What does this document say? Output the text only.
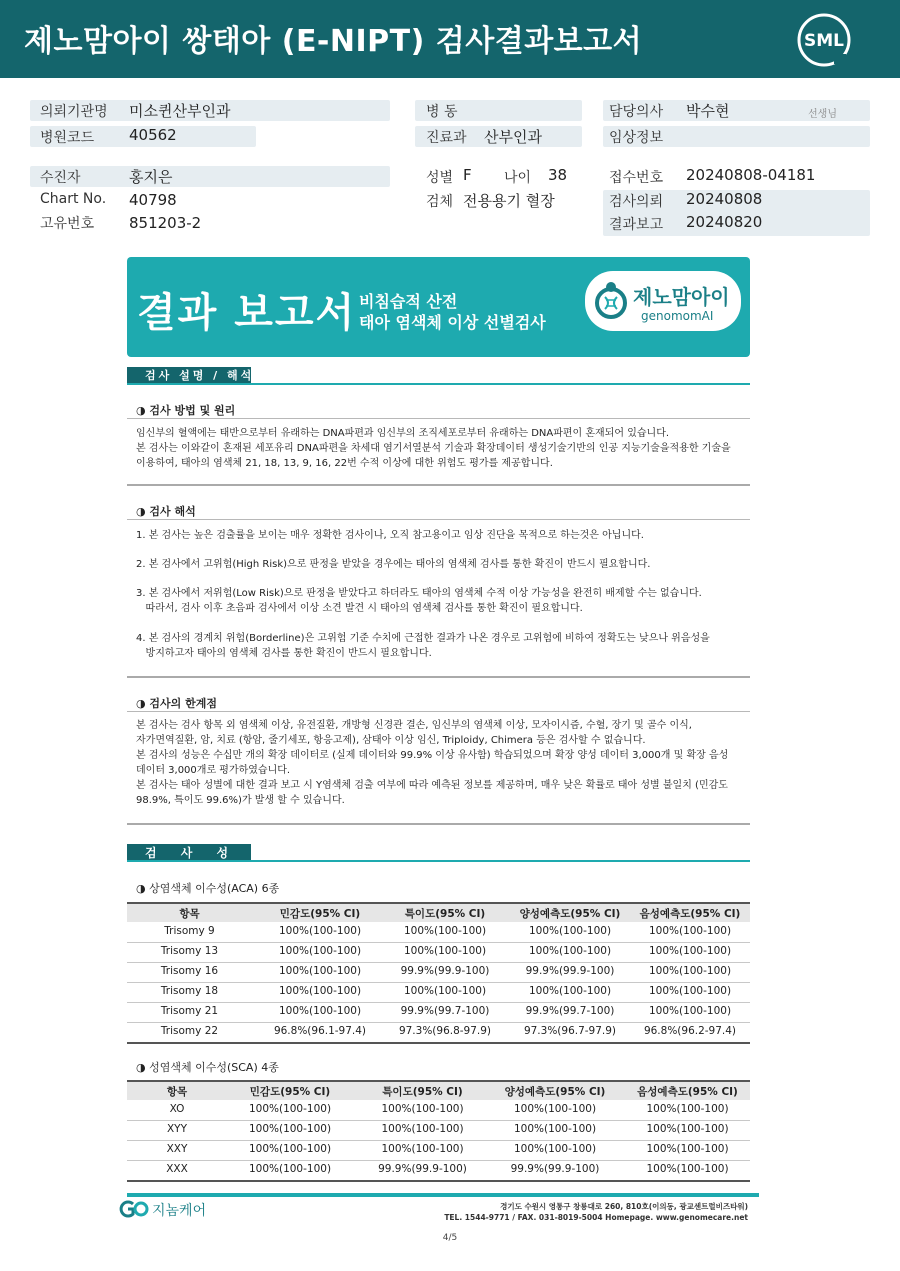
제노맘아이 쌍태아 (E-NIPT) 검사결과보고서	SML
의뢰기관명 미소퀸산부인과
병원코드 40562
수진자	홍지은
Chart No. 40798
고유번호 851203-2
병 동
진료과 산부인과
성별 F 나이 38
검체 전용용기 혈장
담당의사 박수현	선생님
임상정보
접수번호 20240808-04181
검사의뢰 20240808
결과보고 20240820
결과 보고서 비침습적 산전
태아 염색체 이상 선별검사
제노맘아이
genomomAI
검사 설명 / 해석
◑ 검사 방법 및 원리

임신부의 혈액에는 태반으로부터 유래하는 DNA파편과 임신부의 조직세포로부터 유래하는 DNA파편이 혼재되어 있습니다.

본 검사는 이와같이 혼재된 세포유리 DNA파편을 차세대 염기서열분석 기술과 확장데이터 생성기술기반의 인공 지능기술을적용한 기술을

이용하여, 태아의 염색체 21, 18, 13, 9, 16, 22번 수적 이상에 대한 위험도 평가를 제공합니다.

◑ 검사 해석

1. 본 검사는 높은 검출률을 보이는 매우 정확한 검사이나, 오직 참고용이고 임상 진단을 목적으로 하는것은 아닙니다.

2. 본 검사에서 고위험(High Risk)으로 판정을 받았을 경우에는 태아의 염색체 검사를 통한 확진이 반드시 필요합니다.

3. 본 검사에서 저위험(Low Risk)으로 판정을 받았다고 하더라도 태아의 염색체 수적 이상 가능성을 완전히 배제할 수는 없습니다.

따라서, 검사 이후 초음파 검사에서 이상 소견 발견 시 태아의 염색체 검사를 통한 확진이 필요합니다.

4. 본 검사의 경계치 위험(Borderline)은 고위험 기준 수치에 근접한 결과가 나온 경우로 고위험에 비하여 정확도는 낮으나 위음성을

방지하고자 태아의 염색체 검사를 통한 확진이 반드시 필요합니다.

◑ 검사의 한계점

본 검사는 검사 항목 외 염색체 이상, 유전질환, 개방형 신경관 결손, 임신부의 염색체 이상, 모자이시즘, 수혈, 장기 및 골수 이식,

자가면역질환, 암, 치료 (항암, 줄기세포, 항응고제), 삼태아 이상 임신, Triploidy, Chimera 등은 검사할 수 없습니다.

본 검사의 성능은 수십만 개의 확장 데이터로 (실제 데이터와 99.9% 이상 유사함) 학습되었으며 확장 양성 데이터 3,000개 및 확장 음성

데이터 3,000개로 평가하였습니다.

본 검사는 태아 성별에 대한 결과 보고 시 Y염색체 검출 여부에 따라 예측된 정보를 제공하며, 매우 낮은 확률로 태아 성별 불일치 (민감도

98.9%, 특이도 99.6%)가 발생 할 수 있습니다.

검 사 성 능
◑ 상염색체 이수성(ACA) 6종
항목	민감도(95% CI)	특이도(95% CI)	양성예측도(95% CI)	음성예측도(95% CI)
Trisomy 9	100%(100-100)	100%(100-100)	100%(100-100)	100%(100-100)
Trisomy 13	100%(100-100)	100%(100-100)	100%(100-100)	100%(100-100)
Trisomy 16	100%(100-100)	99.9%(99.9-100)	99.9%(99.9-100)	100%(100-100)
Trisomy 18	100%(100-100)	100%(100-100)	100%(100-100)	100%(100-100)
Trisomy 21	100%(100-100)	99.9%(99.7-100)	99.9%(99.7-100)	100%(100-100)
Trisomy 22	96.8%(96.1-97.4)	97.3%(96.8-97.9)	97.3%(96.7-97.9)	96.8%(96.2-97.4)
◑ 성염색체 이수성(SCA) 4종
항목	민감도(95% CI)	특이도(95% CI)	양성예측도(95% CI)	음성예측도(95% CI)
XO	100%(100-100)	100%(100-100)	100%(100-100)	100%(100-100)
XYY	100%(100-100)	100%(100-100)	100%(100-100)	100%(100-100)
XXY	100%(100-100)	100%(100-100)	100%(100-100)	100%(100-100)
XXX	100%(100-100)	99.9%(99.9-100)	99.9%(99.9-100)	100%(100-100)
지놈케어	경기도 수원시 영통구 창룡대로 260, 810호(이의동, 광교센트럴비즈타워)
TEL. 1544-9771 / FAX. 031-8019-5004 Homepage. www.genomecare.net
4/5
